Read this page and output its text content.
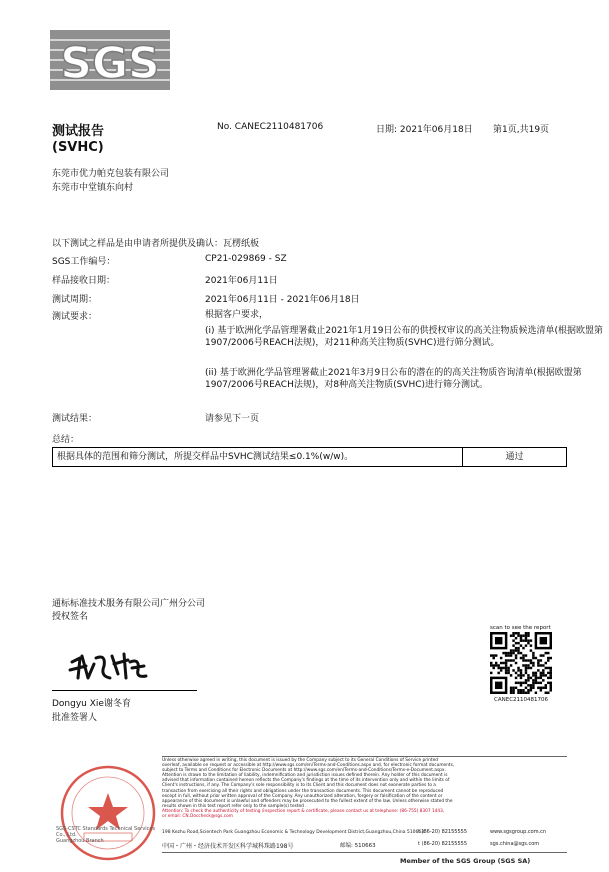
SGS
测试报告
(SVHC)
No. CANEC2110481706	日期: 2021年06月18日 第1页,共19页
东莞市优力帕克包装有限公司
东莞市中堂镇东向村
以下测试之样品是由申请者所提供及确认：瓦楞纸板
SGS工作编号：	CP21-029869 - SZ
样品接收日期：	2021年06月11日
测试周期：	2021年06月11日 - 2021年06月18日
测试要求：	根据客户要求，
(i) 基于欧洲化学品管理署截止2021年1月19日公布的供授权审议的高关注物质候选清单(根据欧盟第1907/2006号REACH法规)，对211种高关注物质(SVHC)进行筛分测试。
(ii) 基于欧洲化学品管理署截止2021年3月9日公布的潜在的的高关注物质咨询清单(根据欧盟第1907/2006号REACH法规)，对8种高关注物质(SVHC)进行筛分测试。
测试结果：	请参见下一页
总结：
根据具体的范围和筛分测试，所提交样品中SVHC测试结果≤0.1%(w/w)。	通过
通标标准技术服务有限公司广州分公司
授权签名
Dongyu Xie谢冬育
批准签署人
scan to see the report
CANEC2110481706
Unless otherwise agreed in writing, this document is issued by the Company subject to its General Conditions of Service printed
overleaf, available on request or accessible at http://www.sgs.com/en/Terms-and-Conditions.aspx and, for electronic format documents,
subject to Terms and Conditions for Electronic Documents at http://www.sgs.com/en/Terms-and-Conditions/Terms-e-Document.aspx.
Attention is drawn to the limitation of liability, indemnification and jurisdiction issues defined therein. Any holder of this document is
advised that information contained hereon reflects the Company's findings at the time of its intervention only and within the limits of
Client's instructions, if any. The Company's sole responsibility is to its Client and this document does not exonerate parties to a
transaction from exercising all their rights and obligations under the transaction documents. This document cannot be reproduced
except in full, without prior written approval of the Company. Any unauthorized alteration, forgery or falsification of the content or
appearance of this document is unlawful and offenders may be prosecuted to the fullest extent of the law. Unless otherwise stated the
results shown in this test report refer only to the sample(s) tested .
Attention: To check the authenticity of testing /inspection report & certificate, please contact us at telephone: (86-755) 8307 1443,
or email: CN.Doccheck@sgs.com
SGS-CSTC Standards Technical Services Co., Ltd.
Guangzhou Branch
198 Kezhu Road,Scientech Park Guangzhou Economic & Technology Development District,Guangzhou,China 510663
中国・广州・经济技术开发区科学城科珠路198号	邮编: 510663
t (86-20) 82155555
t (86-20) 82155555
www.sgsgroup.com.cn
sgs.china@sgs.com
Member of the SGS Group (SGS SA)
